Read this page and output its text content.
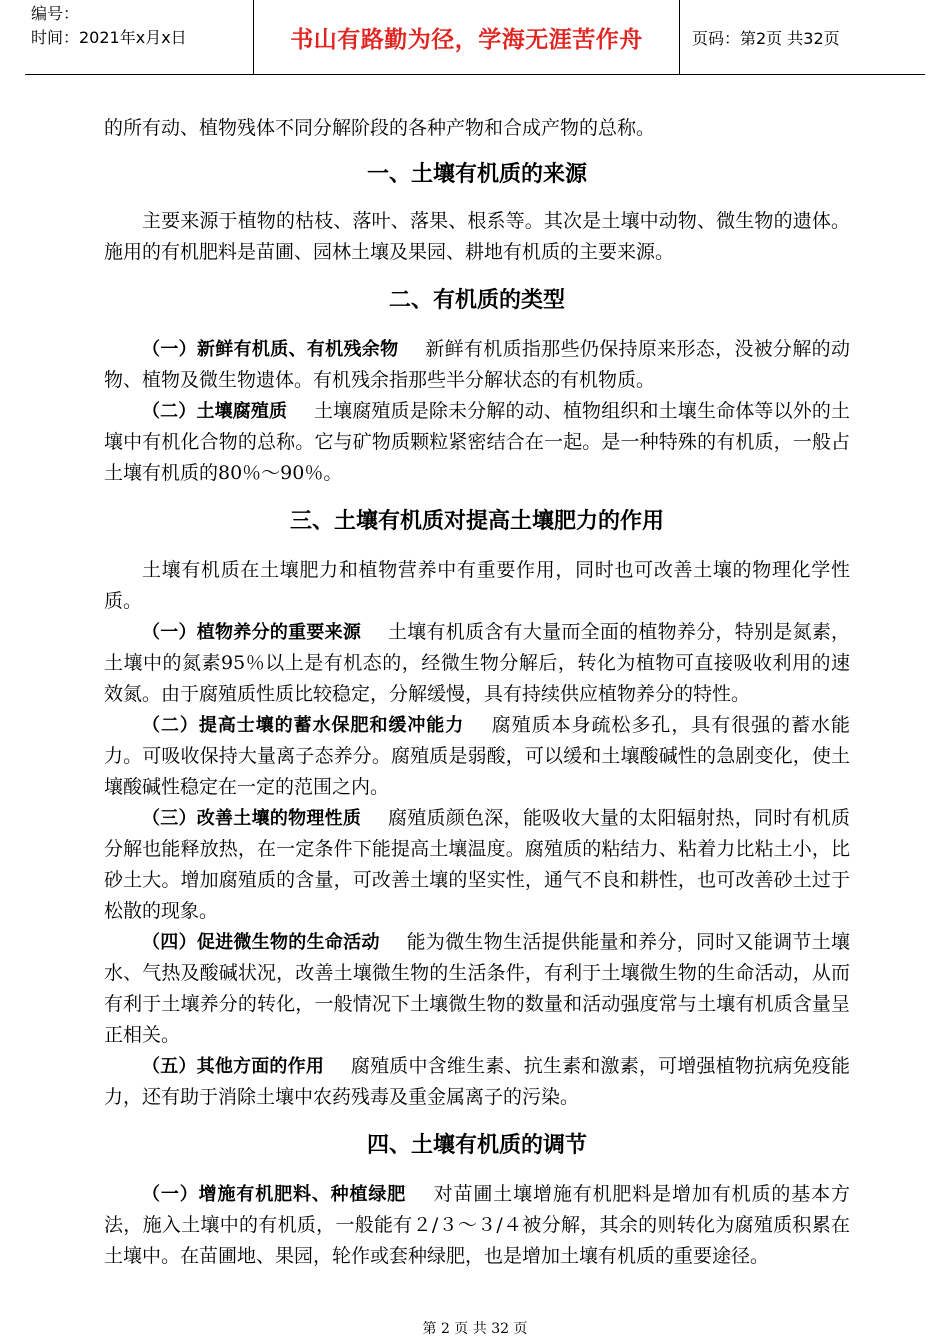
编号：
时间：2021年x月x日	书山有路勤为径，学海无涯苦作舟	页码：第2页 共32页

的所有动、植物残体不同分解阶段的各种产物和合成产物的总称。

一、土壤有机质的来源

主要来源于植物的枯枝、落叶、落果、根系等。其次是土壤中动物、微生物的遗体。施用的有机肥料是苗圃、园林土壤及果园、耕地有机质的主要来源。

二、有机质的类型

（一）新鲜有机质、有机残余物 新鲜有机质指那些仍保持原来形态，没被分解的动物、植物及微生物遗体。有机残余指那些半分解状态的有机物质。

（二）土壤腐殖质 土壤腐殖质是除未分解的动、植物组织和土壤生命体等以外的土壤中有机化合物的总称。它与矿物质颗粒紧密结合在一起。是一种特殊的有机质，一般占土壤有机质的80％～90％。

三、土壤有机质对提高土壤肥力的作用

土壤有机质在土壤肥力和植物营养中有重要作用，同时也可改善土壤的物理化学性质。

（一）植物养分的重要来源 土壤有机质含有大量而全面的植物养分，特别是氮素，土壤中的氮素95％以上是有机态的，经微生物分解后，转化为植物可直接吸收利用的速效氮。由于腐殖质性质比较稳定，分解缓慢，具有持续供应植物养分的特性。

（二）提高士壤的蓄水保肥和缓冲能力 腐殖质本身疏松多孔，具有很强的蓄水能力。可吸收保持大量离子态养分。腐殖质是弱酸，可以缓和土壤酸碱性的急剧变化，使土壤酸碱性稳定在一定的范围之内。

（三）改善土壤的物理性质 腐殖质颜色深，能吸收大量的太阳辐射热，同时有机质分解也能释放热，在一定条件下能提高土壤温度。腐殖质的粘结力、粘着力比粘土小，比砂土大。增加腐殖质的含量，可改善土壤的坚实性，通气不良和耕性，也可改善砂土过于松散的现象。

（四）促进微生物的生命活动 能为微生物生活提供能量和养分，同时又能调节土壤水、气热及酸碱状况，改善土壤微生物的生活条件，有利于土壤微生物的生命活动，从而有利于土壤养分的转化，一般情况下土壤微生物的数量和活动强度常与土壤有机质含量呈正相关。

（五）其他方面的作用 腐殖质中含维生素、抗生素和激素，可增强植物抗病免疫能力，还有助于消除土壤中农药残毒及重金属离子的污染。

四、土壤有机质的调节

（一）增施有机肥料、种植绿肥 对苗圃土壤增施有机肥料是增加有机质的基本方法，施入土壤中的有机质，一般能有２/３～３/４被分解，其余的则转化为腐殖质积累在土壤中。在苗圃地、果园，轮作或套种绿肥，也是增加土壤有机质的重要途径。

第 2 页 共 32 页
